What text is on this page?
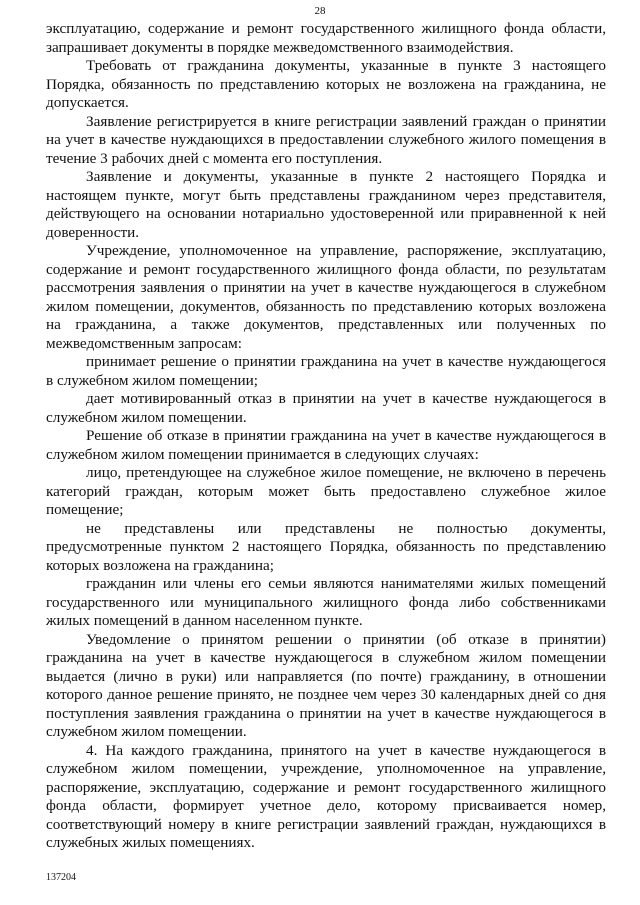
28

эксплуатацию, содержание и ремонт государственного жилищного фонда области, запрашивает документы в порядке межведомственного взаимодействия.

Требовать от гражданина документы, указанные в пункте 3 настоящего Порядка, обязанность по представлению которых не возложена на гражданина, не допускается.

Заявление регистрируется в книге регистрации заявлений граждан о принятии на учет в качестве нуждающихся в предоставлении служебного жилого помещения в течение 3 рабочих дней с момента его поступления.

Заявление и документы, указанные в пункте 2 настоящего Порядка и настоящем пункте, могут быть представлены гражданином через представителя, действующего на основании нотариально удостоверенной или приравненной к ней доверенности.

Учреждение, уполномоченное на управление, распоряжение, эксплуатацию, содержание и ремонт государственного жилищного фонда области, по результатам рассмотрения заявления о принятии на учет в качестве нуждающегося в служебном жилом помещении, документов, обязанность по представлению которых возложена на гражданина, а также документов, представленных или полученных по межведомственным запросам:

принимает решение о принятии гражданина на учет в качестве нуждающегося в служебном жилом помещении;

дает мотивированный отказ в принятии на учет в качестве нуждающегося в служебном жилом помещении.

Решение об отказе в принятии гражданина на учет в качестве нуждающегося в служебном жилом помещении принимается в следующих случаях:

лицо, претендующее на служебное жилое помещение, не включено в перечень категорий граждан, которым может быть предоставлено служебное жилое помещение;

не представлены или представлены не полностью документы, предусмотренные пунктом 2 настоящего Порядка, обязанность по представлению которых возложена на гражданина;

гражданин или члены его семьи являются нанимателями жилых помещений государственного или муниципального жилищного фонда либо собственниками жилых помещений в данном населенном пункте.

Уведомление о принятом решении о принятии (об отказе в принятии) гражданина на учет в качестве нуждающегося в служебном жилом помещении выдается (лично в руки) или направляется (по почте) гражданину, в отношении которого данное решение принято, не позднее чем через 30 календарных дней со дня поступления заявления гражданина о принятии на учет в качестве нуждающегося в служебном жилом помещении.

4. На каждого гражданина, принятого на учет в качестве нуждающегося в служебном жилом помещении, учреждение, уполномоченное на управление, распоряжение, эксплуатацию, содержание и ремонт государственного жилищного фонда области, формирует учетное дело, которому присваивается номер, соответствующий номеру в книге регистрации заявлений граждан, нуждающихся в служебных жилых помещениях.

137204
